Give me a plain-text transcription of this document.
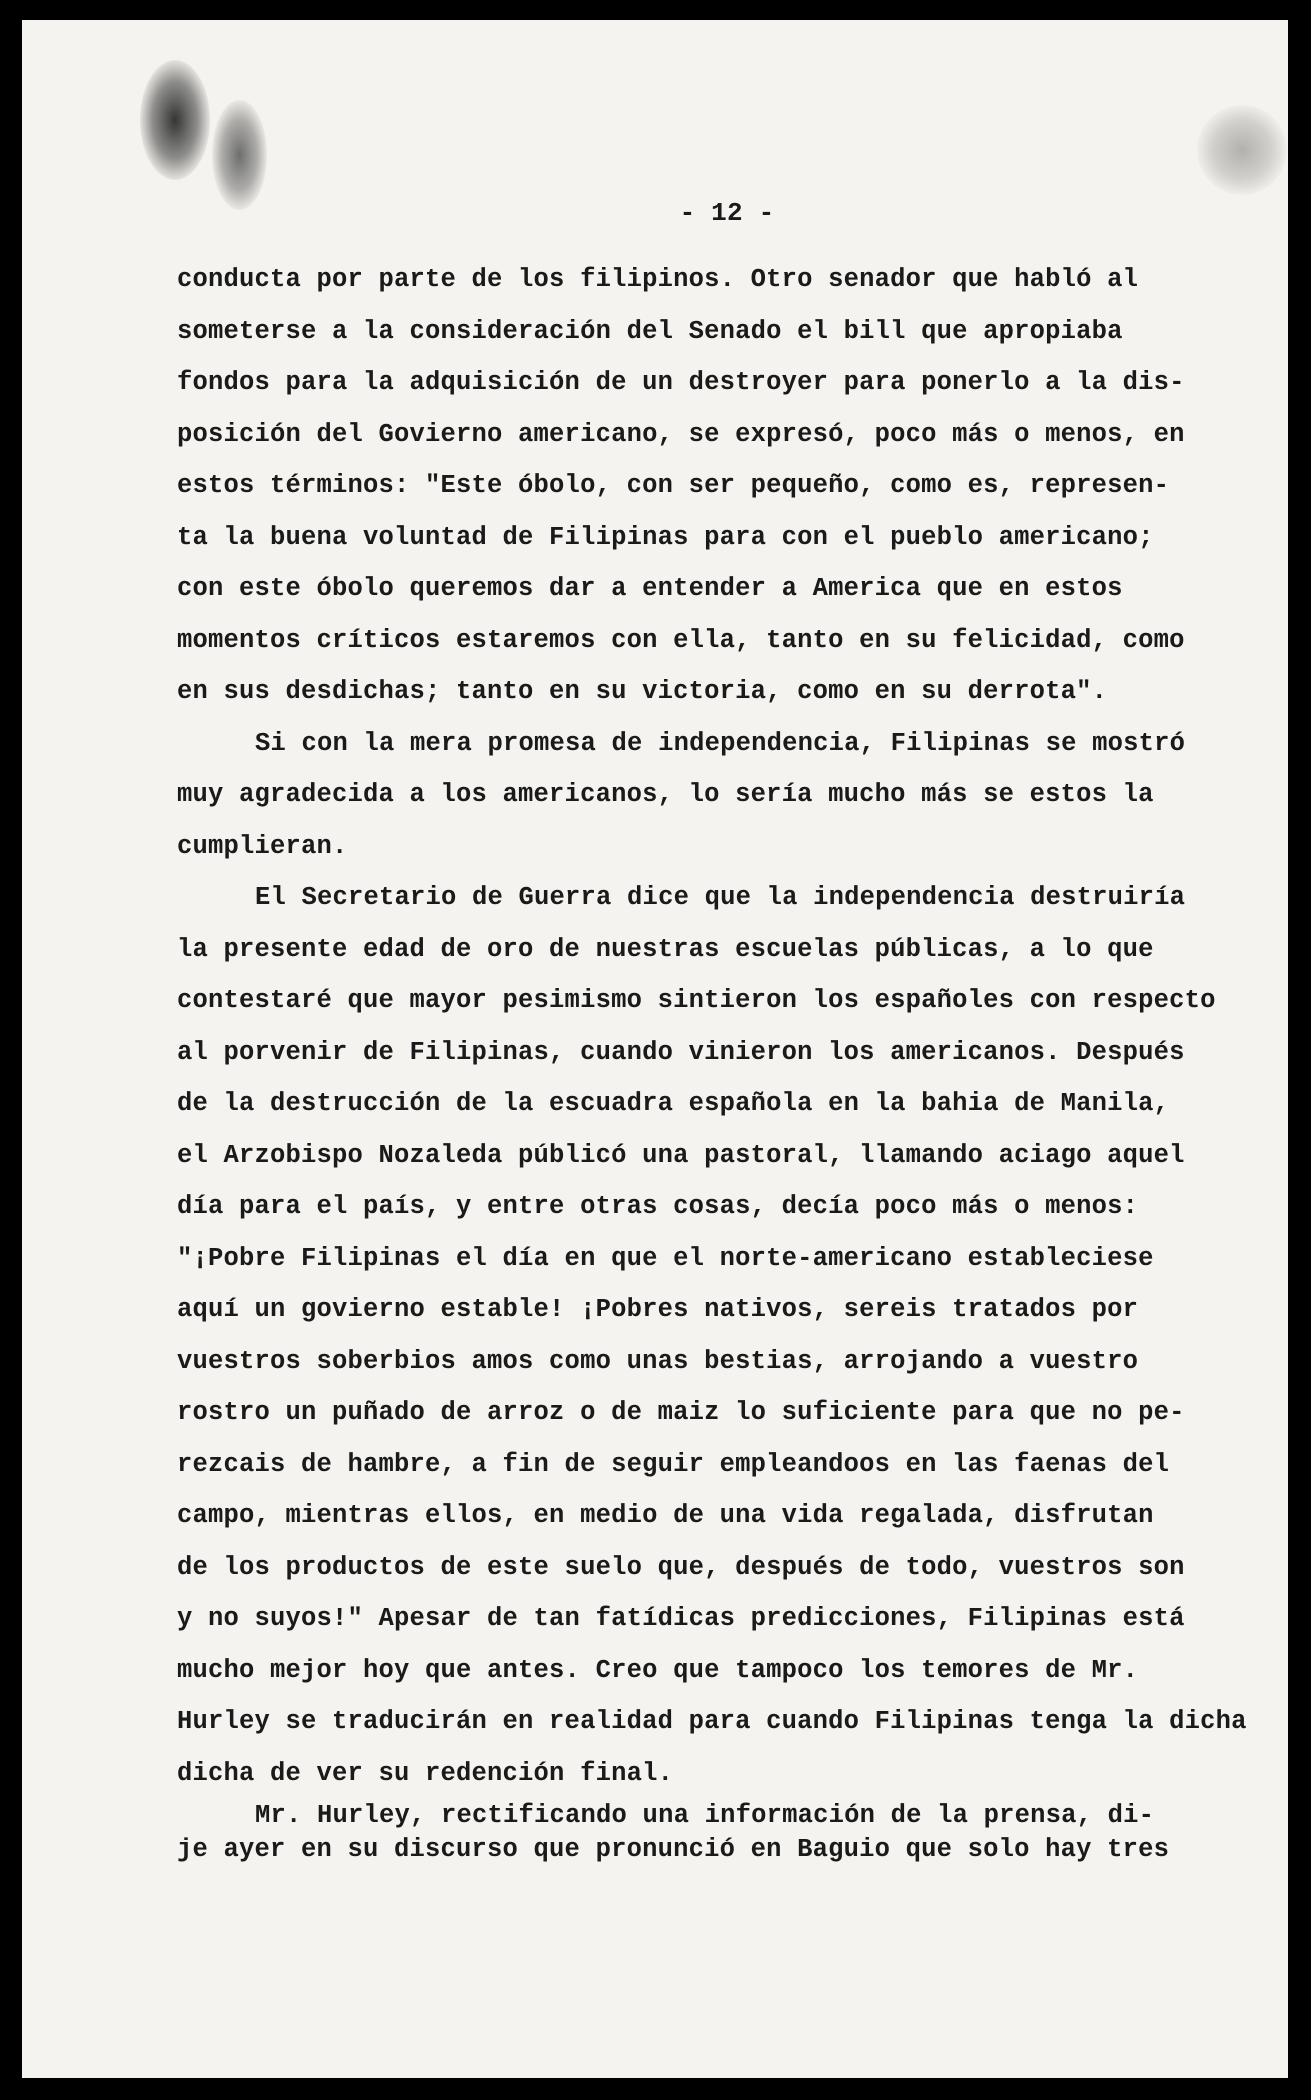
- 12 -
conducta por parte de los filipinos. Otro senador que habló al
someterse a la consideración del Senado el bill que apropiaba
fondos para la adquisición de un destroyer para ponerlo a la dis-
posición del Govierno americano, se expresó, poco más o menos, en
estos términos: "Este óbolo, con ser pequeño, como es, represen-
ta la buena voluntad de Filipinas para con el pueblo americano;
con este óbolo queremos dar a entender a America que en estos
momentos críticos estaremos con ella, tanto en su felicidad, como
en sus desdichas; tanto en su victoria, como en su derrota".
Si con la mera promesa de independencia, Filipinas se mostró
muy agradecida a los americanos, lo sería mucho más se estos la
cumplieran.
El Secretario de Guerra dice que la independencia destruiría
la presente edad de oro de nuestras escuelas públicas, a lo que
contestaré que mayor pesimismo sintieron los españoles con respecto
al porvenir de Filipinas, cuando vinieron los americanos. Después
de la destrucción de la escuadra española en la bahia de Manila,
el Arzobispo Nozaleda públicó una pastoral, llamando aciago aquel
día para el país, y entre otras cosas, decía poco más o menos:
"¡Pobre Filipinas el día en que el norte-americano estableciese
aquí un govierno estable! ¡Pobres nativos, sereis tratados por
vuestros soberbios amos como unas bestias, arrojando a vuestro
rostro un puñado de arroz o de maiz lo suficiente para que no pe-
rezcais de hambre, a fin de seguir empleandoos en las faenas del
campo, mientras ellos, en medio de una vida regalada, disfrutan
de los productos de este suelo que, después de todo, vuestros son
y no suyos!" Apesar de tan fatídicas predicciones, Filipinas está
mucho mejor hoy que antes. Creo que tampoco los temores de Mr.
Hurley se traducirán en realidad para cuando Filipinas tenga la dicha
dicha de ver su redención final.
Mr. Hurley, rectificando una información de la prensa, di-
je ayer en su discurso que pronunció en Baguio que solo hay tres
